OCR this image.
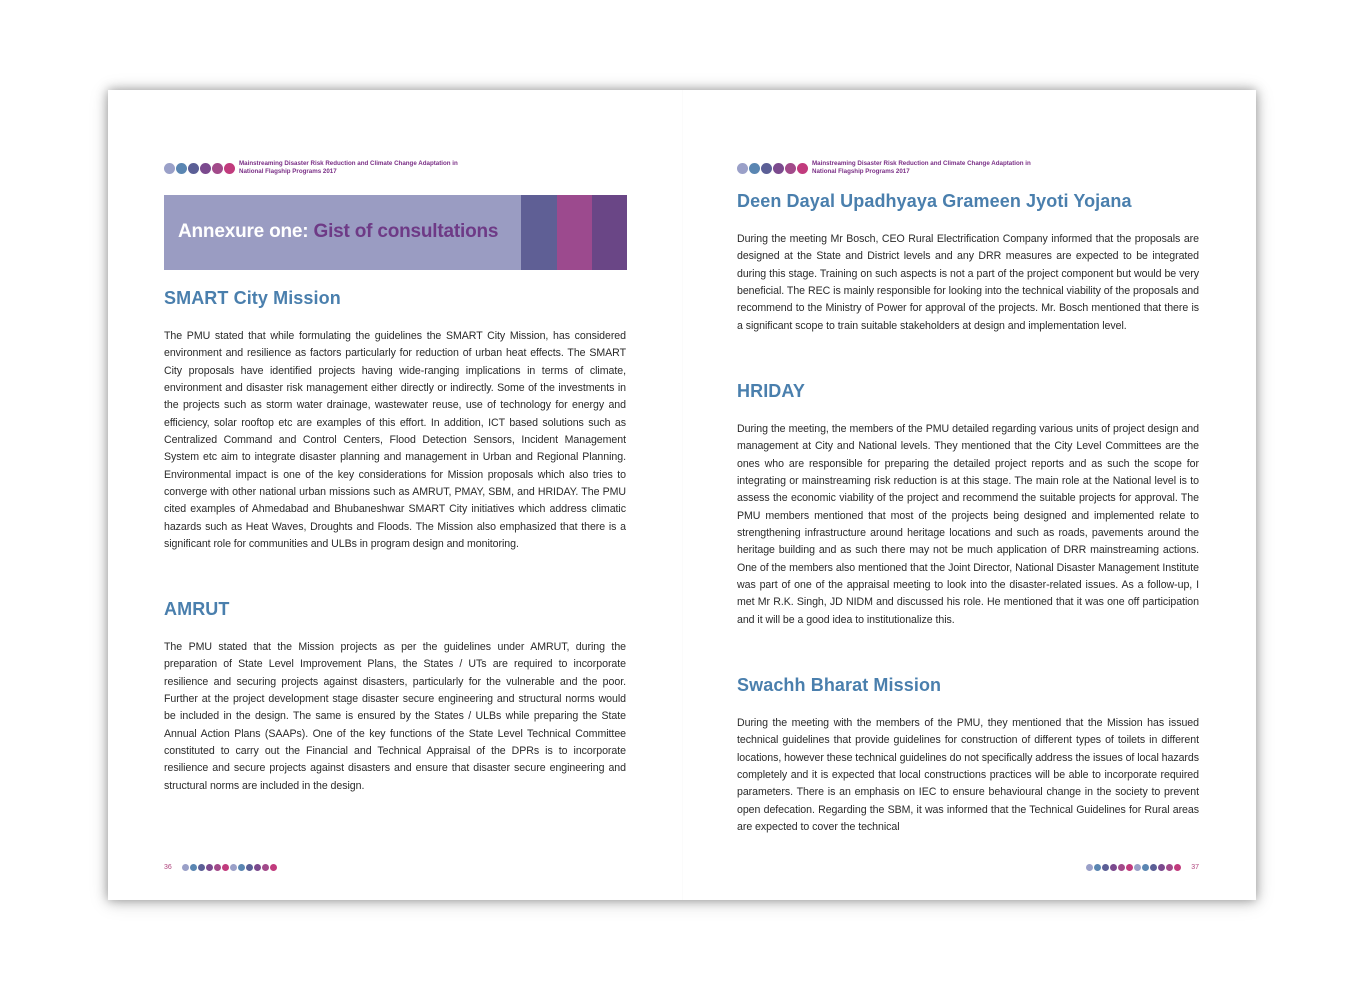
Mainstreaming Disaster Risk Reduction and Climate Change Adaptation in
National Flagship Programs 2017
Annexure one: Gist of consultations
SMART City Mission

The PMU stated that while formulating the guidelines the SMART City Mission, has considered environment and resilience as factors particularly for reduction of urban heat effects. The SMART City proposals have identified projects having wide-ranging implications in terms of climate, environment and disaster risk management either directly or indirectly. Some of the investments in the projects such as storm water drainage, wastewater reuse, use of technology for energy and efficiency, solar rooftop etc are examples of this effort. In addition, ICT based solutions such as Centralized Command and Control Centers, Flood Detection Sensors, Incident Management System etc aim to integrate disaster planning and management in Urban and Regional Planning. Environmental impact is one of the key considerations for Mission proposals which also tries to converge with other national urban missions such as AMRUT, PMAY, SBM, and HRIDAY. The PMU cited examples of Ahmedabad and Bhubaneshwar SMART City initiatives which address climatic hazards such as Heat Waves, Droughts and Floods. The Mission also emphasized that there is a significant role for communities and ULBs in program design and monitoring.

AMRUT

The PMU stated that the Mission projects as per the guidelines under AMRUT, during the preparation of State Level Improvement Plans, the States / UTs are required to incorporate resilience and securing projects against disasters, particularly for the vulnerable and the poor. Further at the project development stage disaster secure engineering and structural norms would be included in the design. The same is ensured by the States / ULBs while preparing the State Annual Action Plans (SAAPs). One of the key functions of the State Level Technical Committee constituted to carry out the Financial and Technical Appraisal of the DPRs is to incorporate resilience and secure projects against disasters and ensure that disaster secure engineering and structural norms are included in the design.

36
Mainstreaming Disaster Risk Reduction and Climate Change Adaptation in
National Flagship Programs 2017
Deen Dayal Upadhyaya Grameen Jyoti Yojana

During the meeting Mr Bosch, CEO Rural Electrification Company informed that the proposals are designed at the State and District levels and any DRR measures are expected to be integrated during this stage. Training on such aspects is not a part of the project component but would be very beneficial. The REC is mainly responsible for looking into the technical viability of the proposals and recommend to the Ministry of Power for approval of the projects. Mr. Bosch mentioned that there is a significant scope to train suitable stakeholders at design and implementation level.

HRIDAY

During the meeting, the members of the PMU detailed regarding various units of project design and management at City and National levels. They mentioned that the City Level Committees are the ones who are responsible for preparing the detailed project reports and as such the scope for integrating or mainstreaming risk reduction is at this stage. The main role at the National level is to assess the economic viability of the project and recommend the suitable projects for approval. The PMU members mentioned that most of the projects being designed and implemented relate to strengthening infrastructure around heritage locations and such as roads, pavements around the heritage building and as such there may not be much application of DRR mainstreaming actions. One of the members also mentioned that the Joint Director, National Disaster Management Institute was part of one of the appraisal meeting to look into the disaster-related issues. As a follow-up, I met Mr R.K. Singh, JD NIDM and discussed his role. He mentioned that it was one off participation and it will be a good idea to institutionalize this.

Swachh Bharat Mission

During the meeting with the members of the PMU, they mentioned that the Mission has issued technical guidelines that provide guidelines for construction of different types of toilets in different locations, however these technical guidelines do not specifically address the issues of local hazards completely and it is expected that local constructions practices will be able to incorporate required parameters. There is an emphasis on IEC to ensure behavioural change in the society to prevent open defecation. Regarding the SBM, it was informed that the Technical Guidelines for Rural areas are expected to cover the technical

37
